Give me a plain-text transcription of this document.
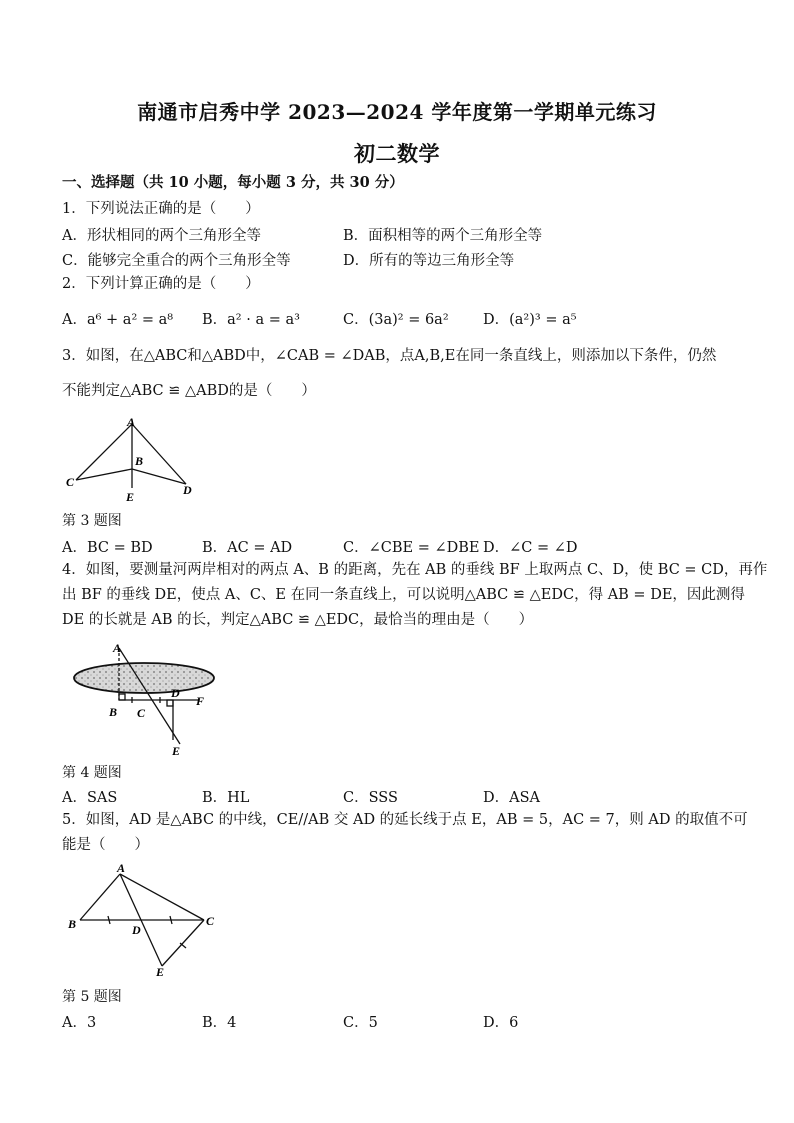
南通市启秀中学 2023—2024 学年度第一学期单元练习
初二数学
一、选择题（共 10 小题，每小题 3 分，共 30 分）
1．下列说法正确的是（　　）
A．形状相同的两个三角形全等	B．面积相等的两个三角形全等
C．能够完全重合的两个三角形全等	D．所有的等边三角形全等
2．下列计算正确的是（　　）
A．a⁶ + a² = a⁸ B．a² · a = a³	C．(3a)² = 6a² D．(a²)³ = a⁵
3．如图，在△ABC和△ABD中，∠CAB = ∠DAB，点A,B,E在同一条直线上，则添加以下条件，仍然
不能判定△ABC ≌ △ABD的是（　　）
A
B
C
D
E
第 3 题图
A．BC = BD	B．AC = AD	C．∠CBE = ∠DBE D．∠C = ∠D
4．如图，要测量河两岸相对的两点 A、B 的距离，先在 AB 的垂线 BF 上取两点 C、D，使 BC = CD，再作
出 BF 的垂线 DE，使点 A、C、E 在同一条直线上，可以说明△ABC ≌ △EDC，得 AB = DE，因此测得
DE 的长就是 AB 的长，判定△ABC ≌ △EDC，最恰当的理由是（　　）
A
B C
D
E
F
第 4 题图
A．SAS	B．HL	C．SSS	D．ASA
5．如图，AD 是△ABC 的中线，CE//AB 交 AD 的延长线于点 E，AB = 5，AC = 7，则 AD 的取值不可
能是（　　）
A
B	D
C
E
第 5 题图
A．3	B．4	C．5	D．6
